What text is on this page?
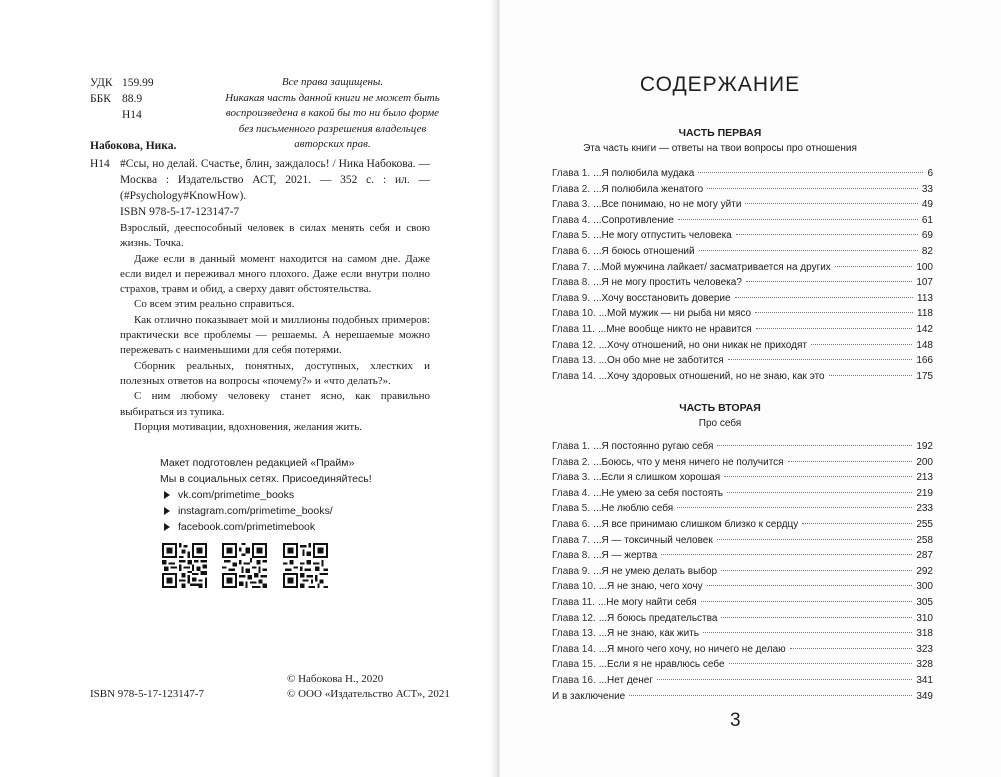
УДК 159.99
ББК 88.9
Н14
Все права защищены.
Никакая часть данной книги не может быть
воспроизведена в какой бы то ни было форме
без письменного разрешения владельцев авторских прав.
Набокова, Ника.
Н14 #Ссы, но делай. Счастье, блин, заждалось! / Ника Набокова. — Москва : Издательство АСТ, 2021. — 352 с. : ил. — (#Psychology#KnowHow).
ISBN 978-5-17-123147-7

Взрослый, дееспособный человек в силах менять себя и свою жизнь. Точка.

Даже если в данный момент находится на самом дне. Даже если видел и переживал много плохого. Даже если внутри полно страхов, травм и обид, а сверху давят обстоятельства.

Со всем этим реально справиться.

Как отлично показывает мой и миллионы подобных примеров: практически все проблемы — решаемы. А нерешаемые можно пережевать с наименьшими для себя потерями.

Сборник реальных, понятных, доступных, хлестких и полезных ответов на вопросы «почему?» и «что делать?».

С ним любому человеку станет ясно, как правильно выбираться из тупика.

Порция мотивации, вдохновения, желания жить.

Макет подготовлен редакцией «Прайм»
Мы в социальных сетях. Присоединяйтесь!
vk.com/primetime_books
instagram.com/primetime_books/
facebook.com/primetimebook
ISBN 978-5-17-123147-7
© Набокова Н., 2020
© ООО «Издательство АСТ», 2021
СОДЕРЖАНИЕ
ЧАСТЬ ПЕРВАЯ
Эта часть книги — ответы на твои вопросы про отношения
Глава 1. ...Я полюбила мудака	6
Глава 2. ...Я полюбила женатого	33
Глава 3. ...Все понимаю, но не могу уйти	49
Глава 4. ...Сопротивление	61
Глава 5. ...Не могу отпустить человека	69
Глава 6. ...Я боюсь отношений	82
Глава 7. ...Мой мужчина лайкает/ засматривается на других	100
Глава 8. ...Я не могу простить человека?	107
Глава 9. ...Хочу восстановить доверие	113
Глава 10. ...Мой мужик — ни рыба ни мясо	118
Глава 11. ...Мне вообще никто не нравится	142
Глава 12. ...Хочу отношений, но они никак не приходят	148
Глава 13. ...Он обо мне не заботится	166
Глава 14. ...Хочу здоровых отношений, но не знаю, как это	175
ЧАСТЬ ВТОРАЯ
Про себя
Глава 1. ...Я постоянно ругаю себя	192
Глава 2. ...Боюсь, что у меня ничего не получится	200
Глава 3. ...Если я слишком хорошая	213
Глава 4. ...Не умею за себя постоять	219
Глава 5. ...Не люблю себя	233
Глава 6. ...Я все принимаю слишком близко к сердцу	255
Глава 7. ...Я — токсичный человек	258
Глава 8. ...Я — жертва	287
Глава 9. ...Я не умею делать выбор	292
Глава 10. ...Я не знаю, чего хочу	300
Глава 11. ...Не могу найти себя	305
Глава 12. ...Я боюсь предательства	310
Глава 13. ...Я не знаю, как жить	318
Глава 14. ...Я много чего хочу, но ничего не делаю	323
Глава 15. ...Если я не нравлюсь себе	328
Глава 16. ...Нет денег	341
И в заключение	349
3
